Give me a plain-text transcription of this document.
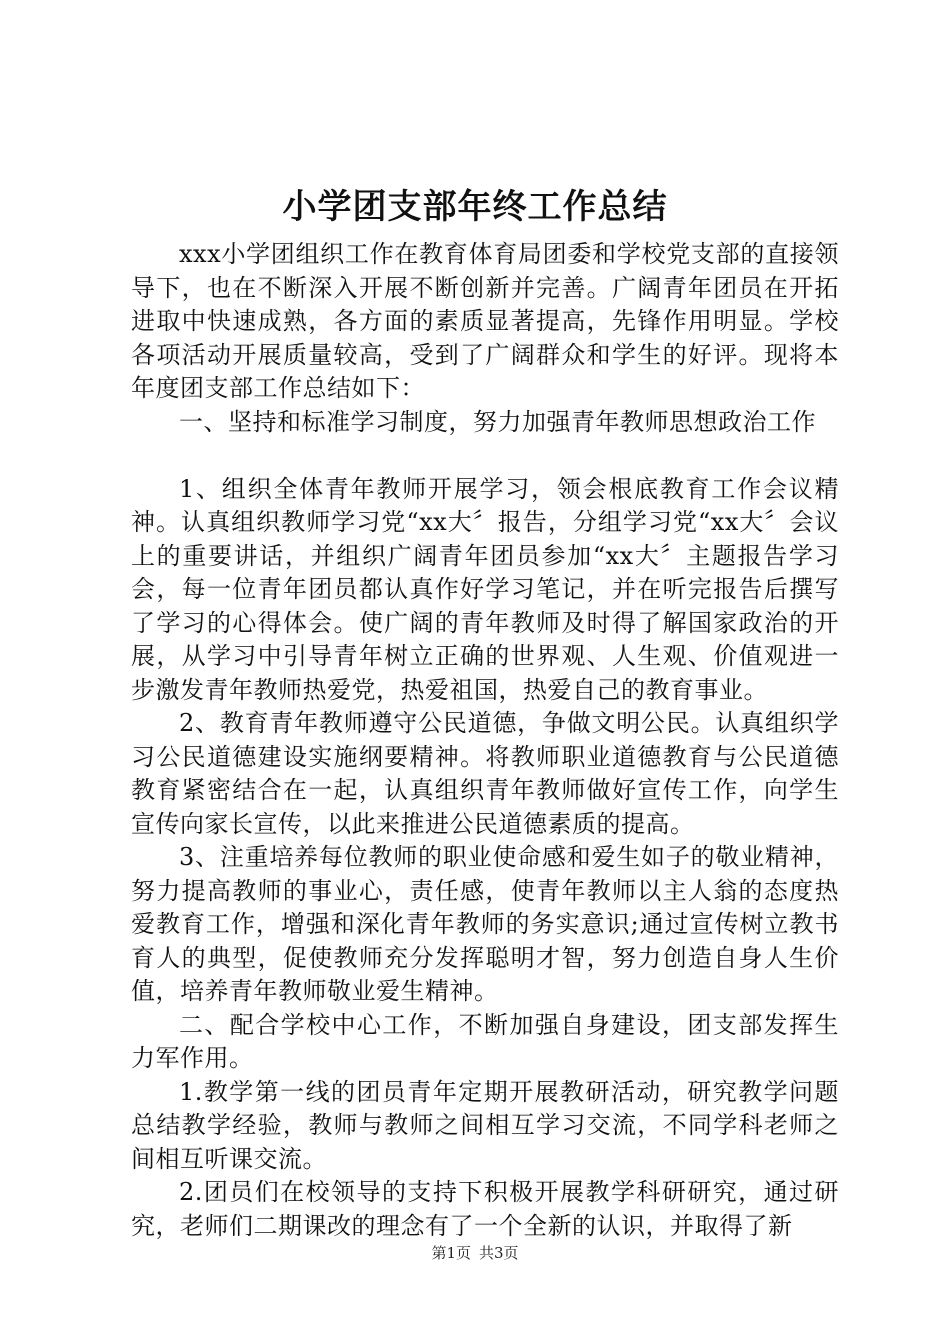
小学团支部年终工作总结

xxx小学团组织工作在教育体育局团委和学校党支部的直接领导下，也在不断深入开展不断创新并完善。广阔青年团员在开拓进取中快速成熟，各方面的素质显著提高，先锋作用明显。学校各项活动开展质量较高，受到了广阔群众和学生的好评。现将本年度团支部工作总结如下：

一、坚持和标准学习制度，努力加强青年教师思想政治工作

1、组织全体青年教师开展学习，领会根底教育工作会议精神。认真组织教师学习党“xx大〞报告，分组学习党“xx大〞会议上的重要讲话，并组织广阔青年团员参加“xx大〞主题报告学习会，每一位青年团员都认真作好学习笔记，并在听完报告后撰写了学习的心得体会。使广阔的青年教师及时得了解国家政治的开展，从学习中引导青年树立正确的世界观、人生观、价值观进一步激发青年教师热爱党，热爱祖国，热爱自己的教育事业。

2、教育青年教师遵守公民道德，争做文明公民。认真组织学习公民道德建设实施纲要精神。将教师职业道德教育与公民道德教育紧密结合在一起，认真组织青年教师做好宣传工作，向学生宣传向家长宣传，以此来推进公民道德素质的提高。

3、注重培养每位教师的职业使命感和爱生如子的敬业精神，努力提高教师的事业心，责任感，使青年教师以主人翁的态度热爱教育工作，增强和深化青年教师的务实意识;通过宣传树立教书育人的典型，促使教师充分发挥聪明才智，努力创造自身人生价值，培养青年教师敬业爱生精神。

二、配合学校中心工作，不断加强自身建设，团支部发挥生力军作用。

1.教学第一线的团员青年定期开展教研活动，研究教学问题总结教学经验，教师与教师之间相互学习交流，不同学科老师之间相互听课交流。

2.团员们在校领导的支持下积极开展教学科研研究，通过研究，老师们二期课改的理念有了一个全新的认识，并取得了新

第1页 共3页
